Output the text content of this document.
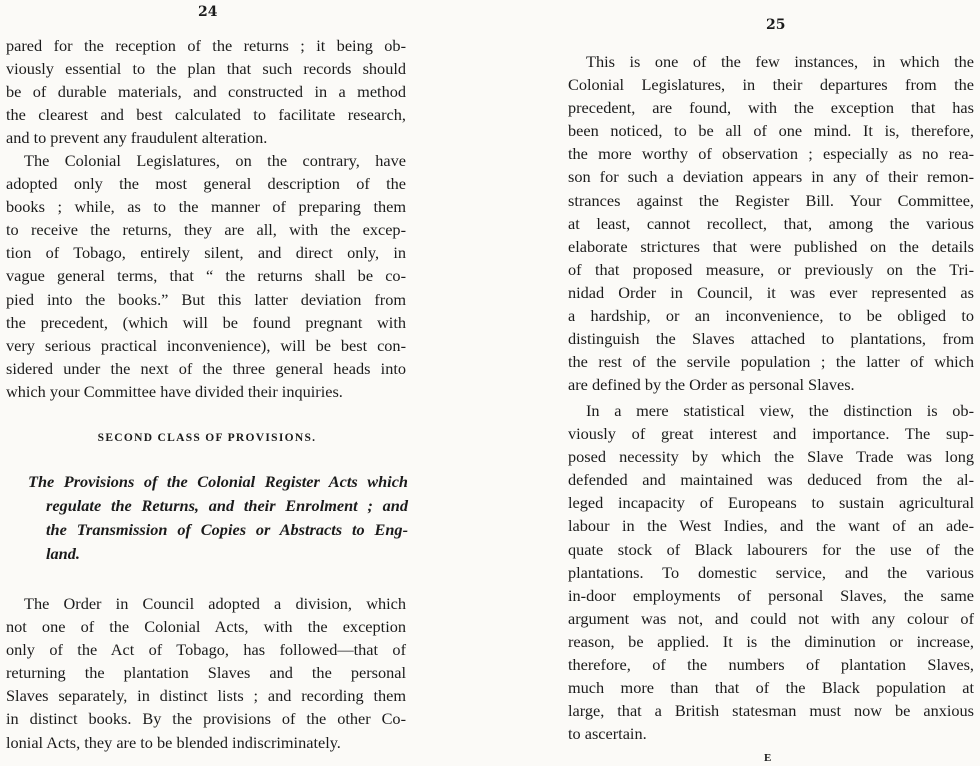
24
pared for the reception of the returns ; it being ob-
viously essential to the plan that such records should
be of durable materials, and constructed in a method
the clearest and best calculated to facilitate research,
and to prevent any fraudulent alteration.
The Colonial Legislatures, on the contrary, have
adopted only the most general description of the
books ; while, as to the manner of preparing them
to receive the returns, they are all, with the excep-
tion of Tobago, entirely silent, and direct only, in
vague general terms, that “ the returns shall be co-
pied into the books.” But this latter deviation from
the precedent, (which will be found pregnant with
very serious practical inconvenience), will be best con-
sidered under the next of the three general heads into
which your Committee have divided their inquiries.
SECOND CLASS OF PROVISIONS.
The Provisions of the Colonial Register Acts which
regulate the Returns, and their Enrolment ; and
the Transmission of Copies or Abstracts to Eng-
land.
The Order in Council adopted a division, which
not one of the Colonial Acts, with the exception
only of the Act of Tobago, has followed—that of
returning the plantation Slaves and the personal
Slaves separately, in distinct lists ; and recording them
in distinct books. By the provisions of the other Co-
lonial Acts, they are to be blended indiscriminately.
25
This is one of the few instances, in which the
Colonial Legislatures, in their departures from the
precedent, are found, with the exception that has
been noticed, to be all of one mind. It is, therefore,
the more worthy of observation ; especially as no rea-
son for such a deviation appears in any of their remon-
strances against the Register Bill. Your Committee,
at least, cannot recollect, that, among the various
elaborate strictures that were published on the details
of that proposed measure, or previously on the Tri-
nidad Order in Council, it was ever represented as
a hardship, or an inconvenience, to be obliged to
distinguish the Slaves attached to plantations, from
the rest of the servile population ; the latter of which
are defined by the Order as personal Slaves.
In a mere statistical view, the distinction is ob-
viously of great interest and importance. The sup-
posed necessity by which the Slave Trade was long
defended and maintained was deduced from the al-
leged incapacity of Europeans to sustain agricultural
labour in the West Indies, and the want of an ade-
quate stock of Black labourers for the use of the
plantations. To domestic service, and the various
in-door employments of personal Slaves, the same
argument was not, and could not with any colour of
reason, be applied. It is the diminution or increase,
therefore, of the numbers of plantation Slaves,
much more than that of the Black population at
large, that a British statesman must now be anxious
to ascertain.
E
